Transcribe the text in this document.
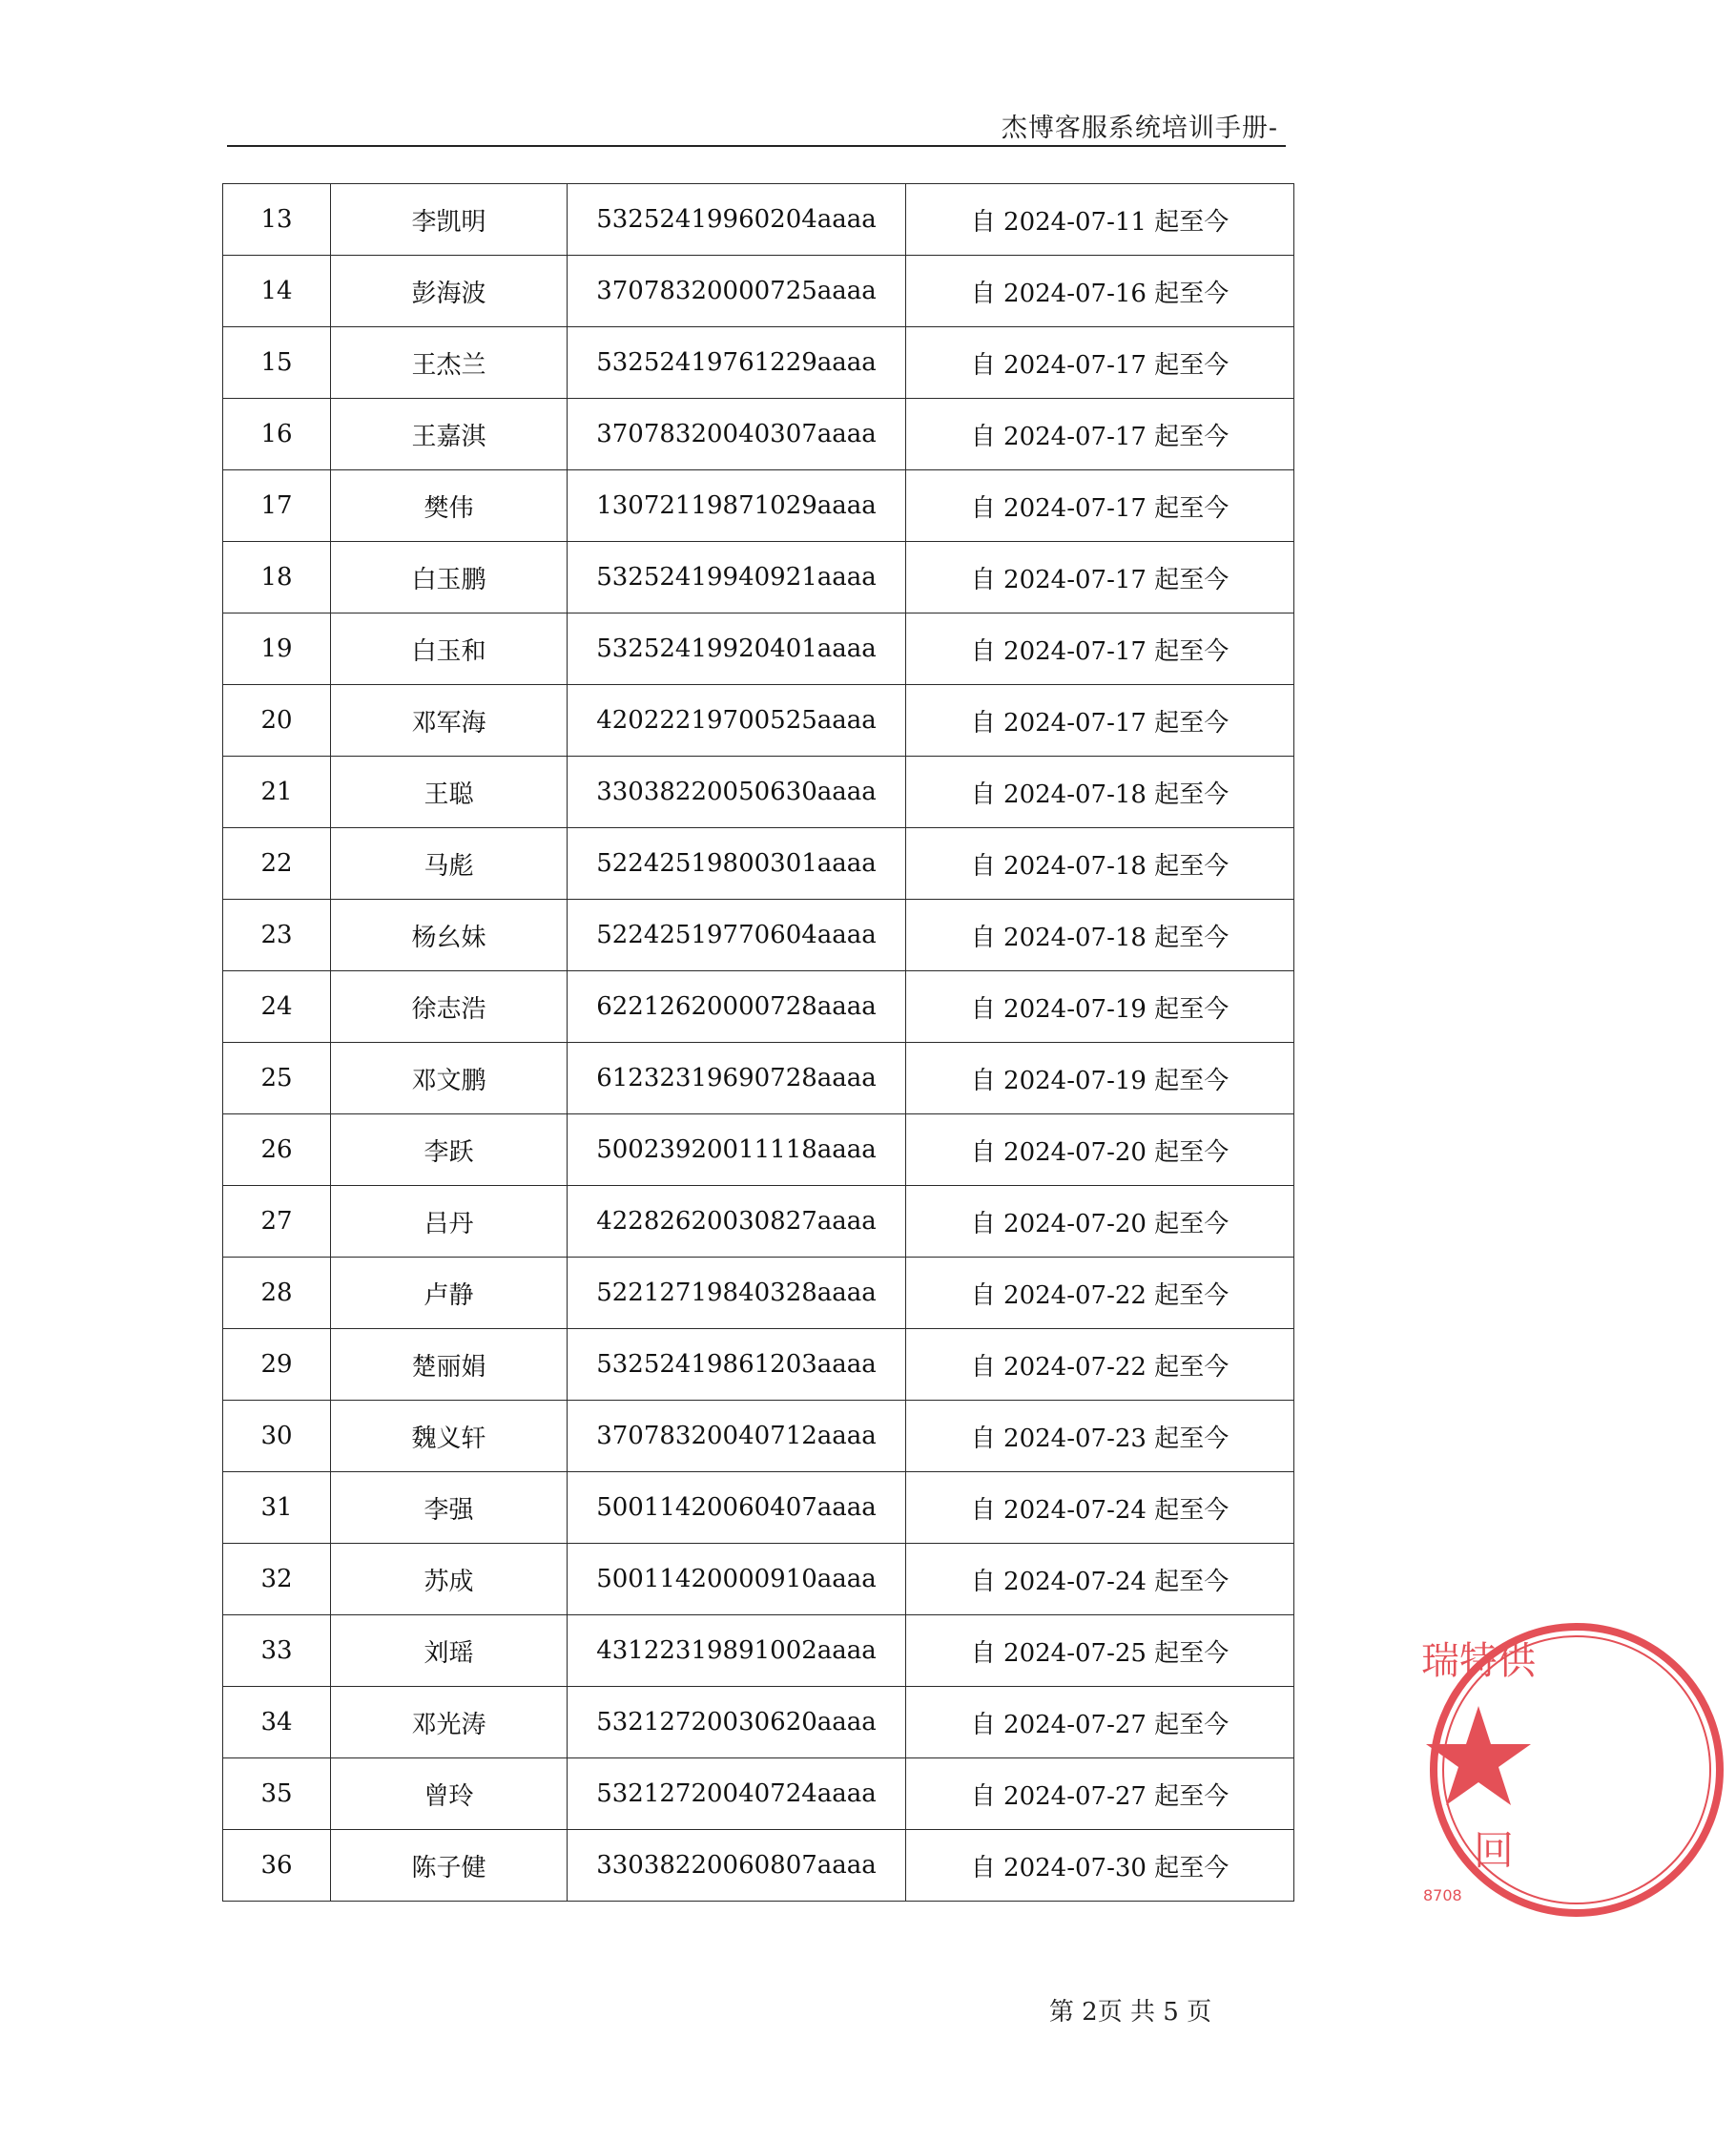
杰博客服系统培训手册-
13	李凯明	53252419960204aaaa	自 2024-07-11 起至今
14	彭海波	37078320000725aaaa	自 2024-07-16 起至今
15	王杰兰	53252419761229aaaa	自 2024-07-17 起至今
16	王嘉淇	37078320040307aaaa	自 2024-07-17 起至今
17	樊伟	13072119871029aaaa	自 2024-07-17 起至今
18	白玉鹏	53252419940921aaaa	自 2024-07-17 起至今
19	白玉和	53252419920401aaaa	自 2024-07-17 起至今
20	邓军海	42022219700525aaaa	自 2024-07-17 起至今
21	王聪	33038220050630aaaa	自 2024-07-18 起至今
22	马彪	52242519800301aaaa	自 2024-07-18 起至今
23	杨幺妹	52242519770604aaaa	自 2024-07-18 起至今
24	徐志浩	62212620000728aaaa	自 2024-07-19 起至今
25	邓文鹏	61232319690728aaaa	自 2024-07-19 起至今
26	李跃	50023920011118aaaa	自 2024-07-20 起至今
27	吕丹	42282620030827aaaa	自 2024-07-20 起至今
28	卢静	52212719840328aaaa	自 2024-07-22 起至今
29	楚丽娟	53252419861203aaaa	自 2024-07-22 起至今
30	魏义轩	37078320040712aaaa	自 2024-07-23 起至今
31	李强	50011420060407aaaa	自 2024-07-24 起至今
32	苏成	50011420000910aaaa	自 2024-07-24 起至今
33	刘瑶	43122319891002aaaa	自 2024-07-25 起至今
34	邓光涛	53212720030620aaaa	自 2024-07-27 起至今
35	曾玲	53212720040724aaaa	自 2024-07-27 起至今
36	陈子健	33038220060807aaaa	自 2024-07-30 起至今
第 2页 共 5 页
瑞特供
回
8708
